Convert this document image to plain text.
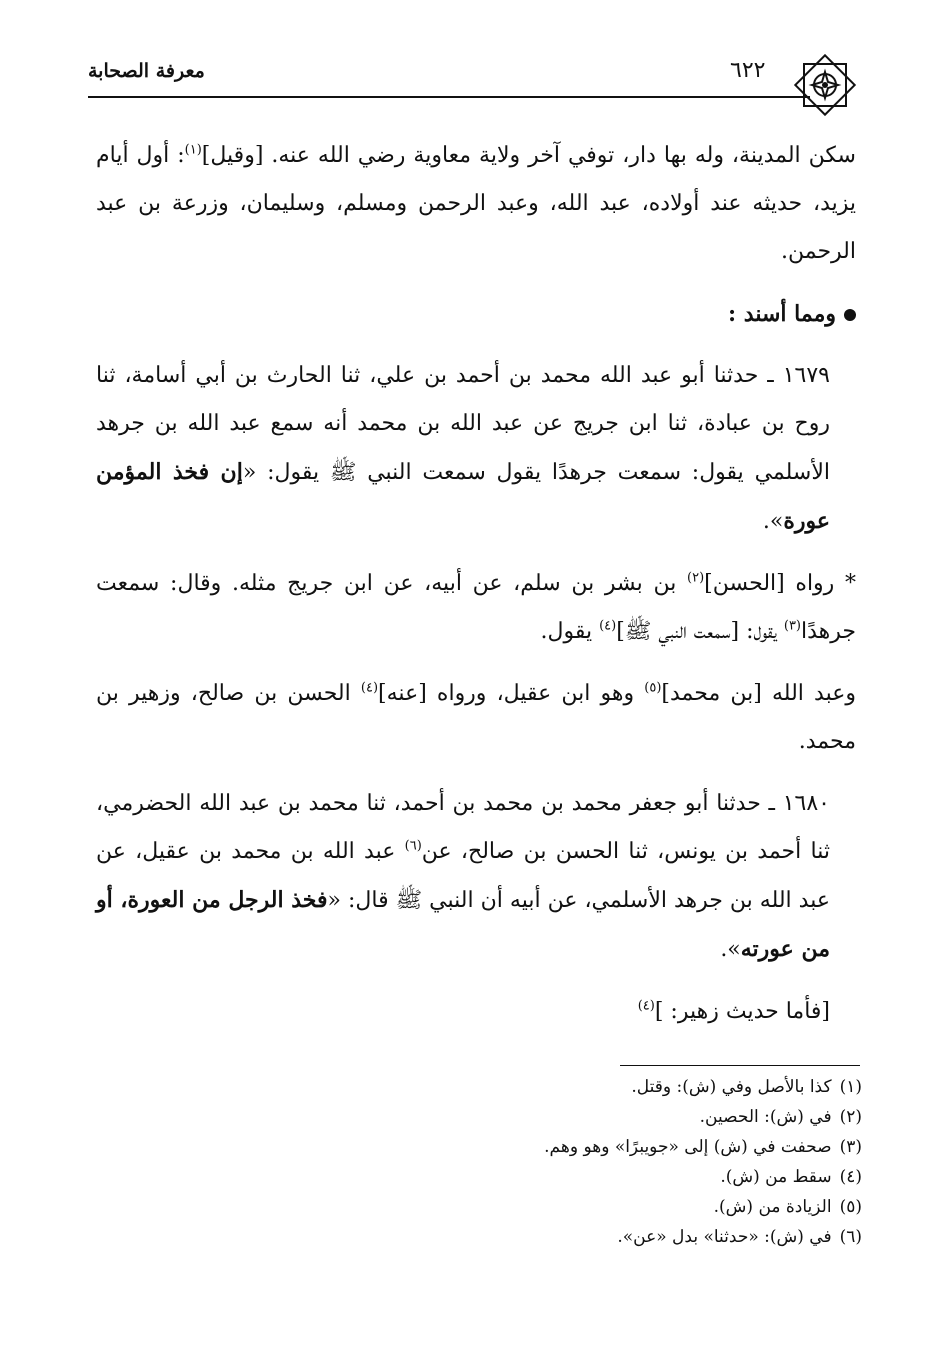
معرفة الصحابة	٦٢٢

سكن المدينة، وله بها دار، توفي آخر ولاية معاوية رضي الله عنه. [وقيل]$^{(١)}$: أول أيام يزيد، حديثه عند أولاده، عبد الله، وعبد الرحمن ومسلم، وسليمان، وزرعة بن عبد الرحمن.

ومما أسند :

١٦٧٩ ـ حدثنا أبو عبد الله محمد بن أحمد بن علي، ثنا الحارث بن أبي أسامة، ثنا روح بن عبادة، ثنا ابن جريج عن عبد الله بن محمد أنه سمع عبد الله بن جرهد الأسلمي يقول: سمعت جرهدًا يقول سمعت النبي ﷺ يقول: «إن فخذ المؤمن عورة».

* رواه [الحسن]$^{(٢)}$ بن بشر بن سلم، عن أبيه، عن ابن جريج مثله. وقال: سمعت جرهدًا$^{(٣)}$ يقول: [سمعت النبي ﷺ]$^{(٤)}$ يقول.

وعبد الله [بن محمد]$^{(٥)}$ وهو ابن عقيل، ورواه [عنه]$^{(٤)}$ الحسن بن صالح، وزهير بن محمد.

١٦٨٠ ـ حدثنا أبو جعفر محمد بن محمد بن أحمد، ثنا محمد بن عبد الله الحضرمي، ثنا أحمد بن يونس، ثنا الحسن بن صالح، عن$^{(٦)}$ عبد الله بن محمد بن عقيل، عن عبد الله بن جرهد الأسلمي، عن أبيه أن النبي ﷺ قال: «فخذ الرجل من العورة، أو من عورته».

[فأما حديث زهير: ]$^{(٤)}$

(١)كذا بالأصل وفي (ش): وقتل.

(٢)في (ش): الحصين.

(٣)صحفت في (ش) إلى «جويبرًا» وهو وهم.

(٤)سقط من (ش).

(٥)الزيادة من (ش).

(٦)في (ش): «حدثنا» بدل «عن».
